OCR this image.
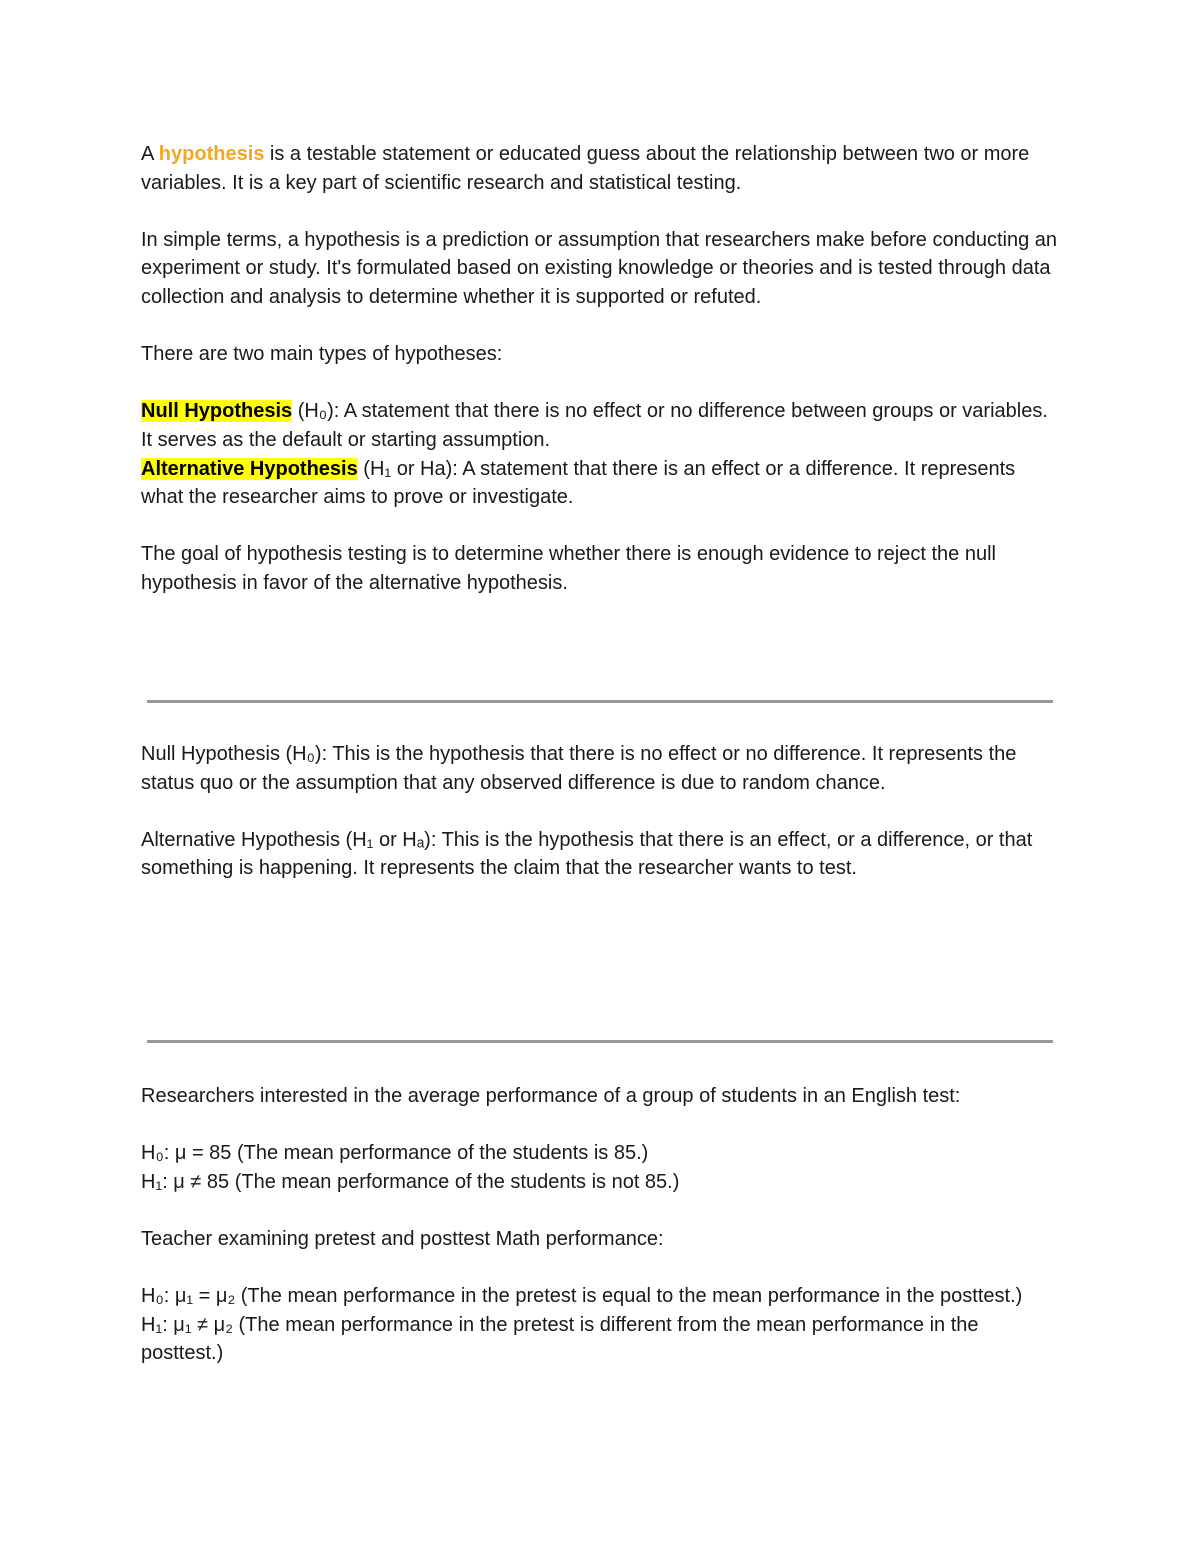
A hypothesis is a testable statement or educated guess about the relationship between two or more variables. It is a key part of scientific research and statistical testing.

In simple terms, a hypothesis is a prediction or assumption that researchers make before conducting an experiment or study. It's formulated based on existing knowledge or theories and is tested through data collection and analysis to determine whether it is supported or refuted.

There are two main types of hypotheses:

Null Hypothesis (H₀): A statement that there is no effect or no difference between groups or variables. It serves as the default or starting assumption.

Alternative Hypothesis (H₁ or Ha): A statement that there is an effect or a difference. It represents what the researcher aims to prove or investigate.

The goal of hypothesis testing is to determine whether there is enough evidence to reject the null hypothesis in favor of the alternative hypothesis.

Null Hypothesis (H₀): This is the hypothesis that there is no effect or no difference. It represents the status quo or the assumption that any observed difference is due to random chance.

Alternative Hypothesis (H₁ or Hₐ): This is the hypothesis that there is an effect, or a difference, or that something is happening. It represents the claim that the researcher wants to test.

Researchers interested in the average performance of a group of students in an English test:

H₀: μ = 85 (The mean performance of the students is 85.)

H₁: μ ≠ 85 (The mean performance of the students is not 85.)

Teacher examining pretest and posttest Math performance:

H₀: μ₁ = μ₂ (The mean performance in the pretest is equal to the mean performance in the posttest.)

H₁: μ₁ ≠ μ₂ (The mean performance in the pretest is different from the mean performance in the posttest.)
